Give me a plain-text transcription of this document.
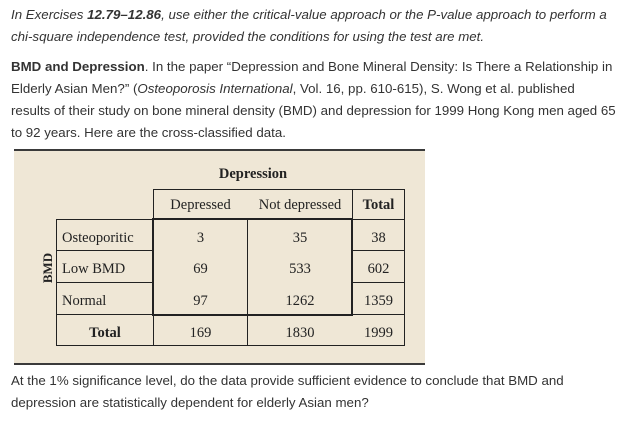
In Exercises 12.79–12.86, use either the critical-value approach or the P-value approach to perform a chi-square independence test, provided the conditions for using the test are met.

BMD and Depression. In the paper “Depression and Bone Mineral Density: Is There a Relationship in Elderly Asian Men?” (Osteoporosis International, Vol. 16, pp. 610-615), S. Wong et al. published results of their study on bone mineral density (BMD) and depression for 1999 Hong Kong men aged 65 to 92 years. Here are the cross-classified data.

Depression
Depressed	Not depressed	Total
BMD
Osteoporitic	3	35	38
Low BMD	69	533	602
Normal	97	1262	1359
Total	169	1830	1999

At the 1% significance level, do the data provide sufficient evidence to conclude that BMD and depression are statistically dependent for elderly Asian men?
